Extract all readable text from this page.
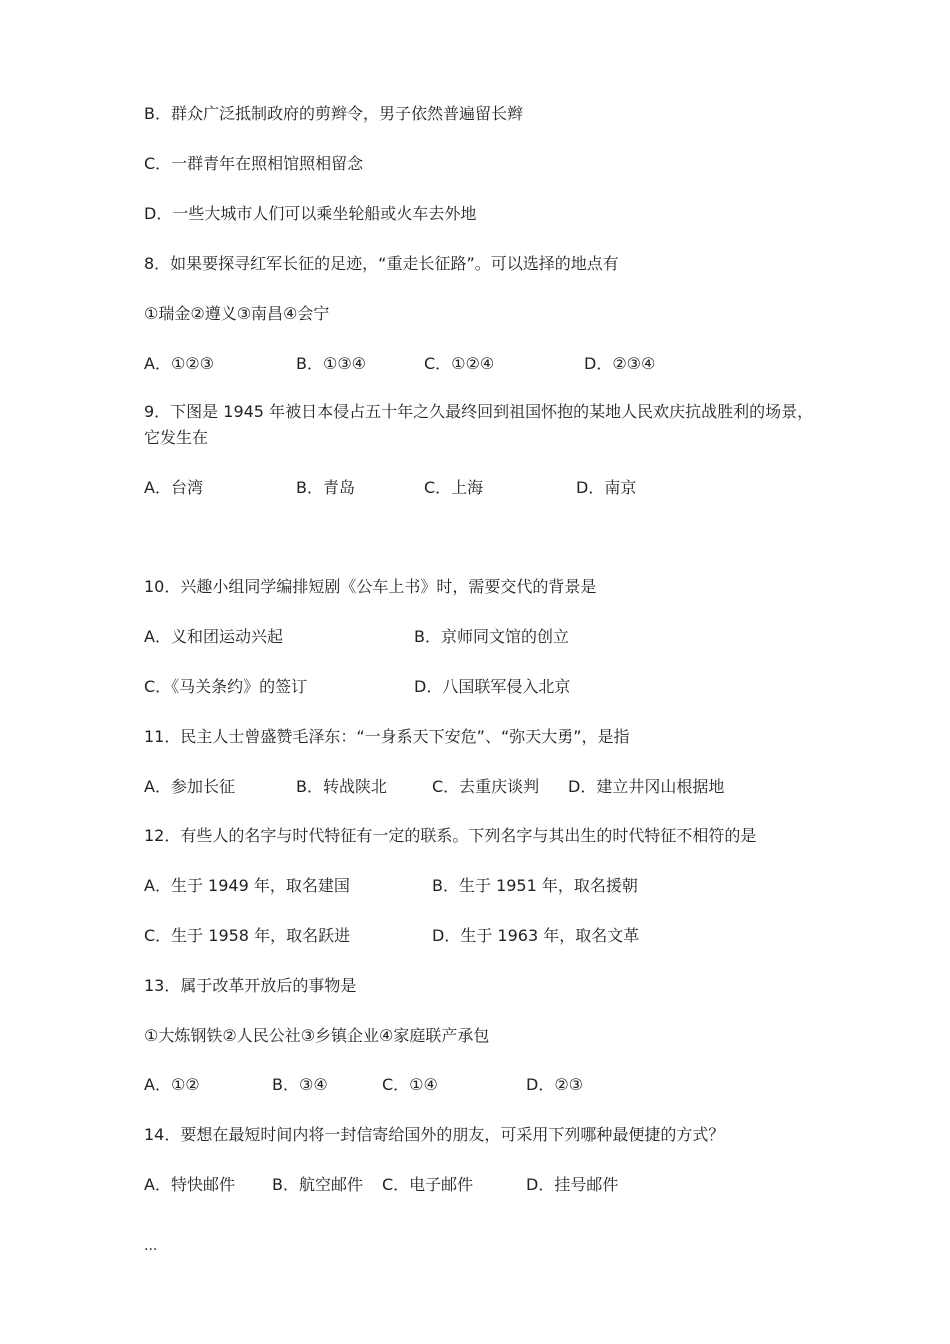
B．群众广泛抵制政府的剪辫令，男子依然普遍留长辫
C．一群青年在照相馆照相留念
D．一些大城市人们可以乘坐轮船或火车去外地
8．如果要探寻红军长征的足迹，“重走长征路”。可以选择的地点有
①瑞金②遵义③南昌④会宁
A．①②③	B．①③④	C．①②④	D．②③④
9．下图是 1945 年被日本侵占五十年之久最终回到祖国怀抱的某地人民欢庆抗战胜利的场景，它发生在
A．台湾	B．青岛	C．上海	D．南京
10．兴趣小组同学编排短剧《公车上书》时，需要交代的背景是
A．义和团运动兴起	B．京师同文馆的创立
C．《马关条约》的签订	D．八国联军侵入北京
11．民主人士曾盛赞毛泽东：“一身系天下安危”、“弥天大勇”，是指
A．参加长征	B．转战陕北	C．去重庆谈判 D．建立井冈山根据地
12．有些人的名字与时代特征有一定的联系。下列名字与其出生的时代特征不相符的是
A．生于 1949 年，取名建国	B．生于 1951 年，取名援朝
C．生于 1958 年，取名跃进	D．生于 1963 年，取名文革
13．属于改革开放后的事物是
①大炼钢铁②人民公社③乡镇企业④家庭联产承包
A．①②	B．③④	C．①④	D．②③
14．要想在最短时间内将一封信寄给国外的朋友，可采用下列哪种最便捷的方式？
A．特快邮件 B．航空邮件 C．电子邮件	D．挂号邮件
...
